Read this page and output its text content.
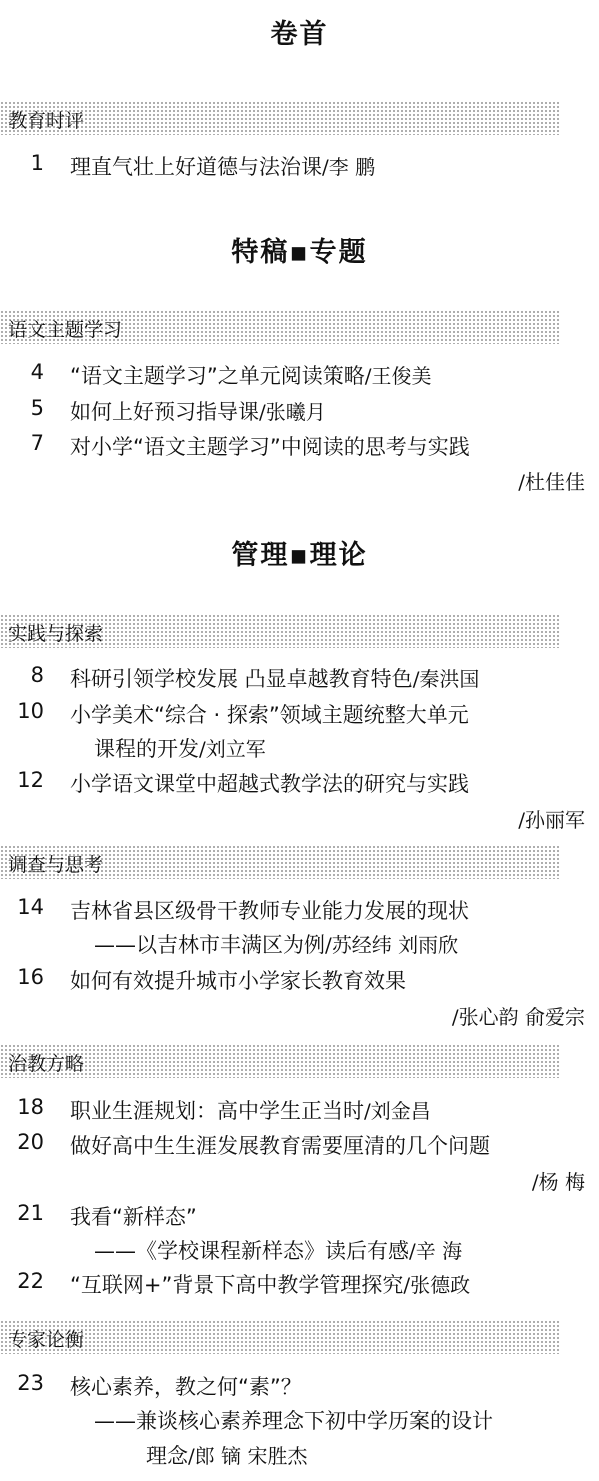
卷首
教育时评
1 理直气壮上好道德与法治课/李 鹏
特稿▪专题
语文主题学习
4 “语文主题学习”之单元阅读策略/王俊美
5 如何上好预习指导课/张曦月
7 对小学“语文主题学习”中阅读的思考与实践
/杜佳佳
管理▪理论
实践与探索
8 科研引领学校发展 凸显卓越教育特色/秦洪国
10 小学美术“综合 · 探索”领域主题统整大单元
课程的开发/刘立军
12 小学语文课堂中超越式教学法的研究与实践
/孙丽军
调查与思考
14 吉林省县区级骨干教师专业能力发展的现状
——以吉林市丰满区为例/苏经纬 刘雨欣
16 如何有效提升城市小学家长教育效果
/张心韵 俞爱宗
治教方略
18 职业生涯规划：高中学生正当时/刘金昌
20 做好高中生生涯发展教育需要厘清的几个问题
/杨 梅
21 我看“新样态”
——《学校课程新样态》读后有感/辛 海
22 “互联网+”背景下高中教学管理探究/张德政
专家论衡
23 核心素养，教之何“素”？
——兼谈核心素养理念下初中学历案的设计
理念/郎 镝 宋胜杰
